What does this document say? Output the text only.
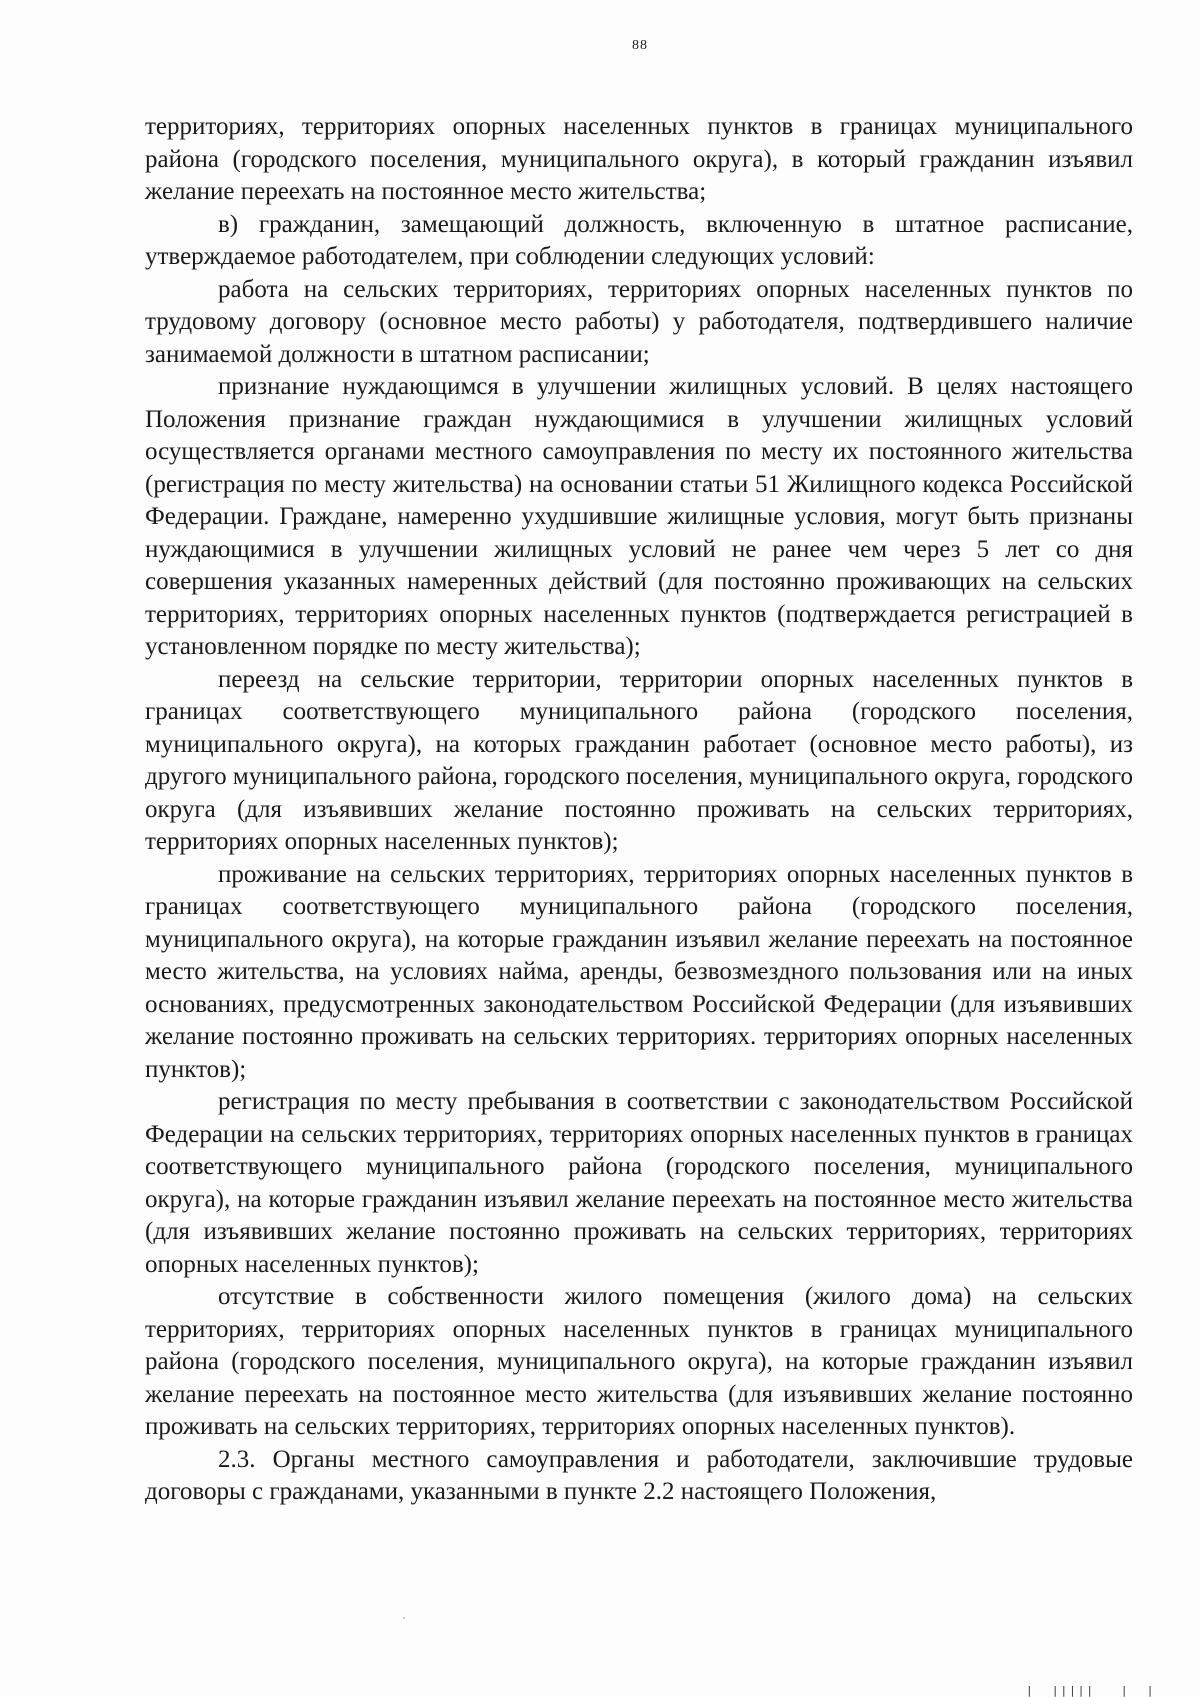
88

территориях, территориях опорных населенных пунктов в границах муниципального района (городского поселения, муниципального округа), в который гражданин изъявил желание переехать на постоянное место жительства;

в) гражданин, замещающий должность, включенную в штатное расписание, утверждаемое работодателем, при соблюдении следующих условий:

работа на сельских территориях, территориях опорных населенных пунктов по трудовому договору (основное место работы) у работодателя, подтвердившего наличие занимаемой должности в штатном расписании;

признание нуждающимся в улучшении жилищных условий. В целях настоящего Положения признание граждан нуждающимися в улучшении жилищных условий осуществляется органами местного самоуправления по месту их постоянного жительства (регистрация по месту жительства) на основании статьи 51 Жилищного кодекса Российской Федерации. Граждане, намеренно ухудшившие жилищные условия, могут быть признаны нуждающимися в улучшении жилищных условий не ранее чем через 5 лет со дня совершения указанных намеренных действий (для постоянно проживающих на сельских территориях, территориях опорных населенных пунктов (подтверждается регистрацией в установленном порядке по месту жительства);

переезд на сельские территории, территории опорных населенных пунктов в границах соответствующего муниципального района (городского поселения, муниципального округа), на которых гражданин работает (основное место работы), из другого муниципального района, городского поселения, муниципального округа, городского округа (для изъявивших желание постоянно проживать на сельских территориях, территориях опорных населенных пунктов);

проживание на сельских территориях, территориях опорных населенных пунктов в границах соответствующего муниципального района (городского поселения, муниципального округа), на которые гражданин изъявил желание переехать на постоянное место жительства, на условиях найма, аренды, безвозмездного пользования или на иных основаниях, предусмотренных законодательством Российской Федерации (для изъявивших желание постоянно проживать на сельских территориях. территориях опорных населенных пунктов);

регистрация по месту пребывания в соответствии с законодательством Российской Федерации на сельских территориях, территориях опорных населенных пунктов в границах соответствующего муниципального района (городского поселения, муниципального округа), на которые гражданин изъявил желание переехать на постоянное место жительства (для изъявивших желание постоянно проживать на сельских территориях, территориях опорных населенных пунктов);

отсутствие в собственности жилого помещения (жилого дома) на сельских территориях, территориях опорных населенных пунктов в границах муниципального района (городского поселения, муниципального округа), на которые гражданин изъявил желание переехать на постоянное место жительства (для изъявивших желание постоянно проживать на сельских территориях, территориях опорных населенных пунктов).

2.3. Органы местного самоуправления и работодатели, заключившие трудовые договоры с гражданами, указанными в пункте 2.2 настоящего Положения,

|  |||||   |  |
